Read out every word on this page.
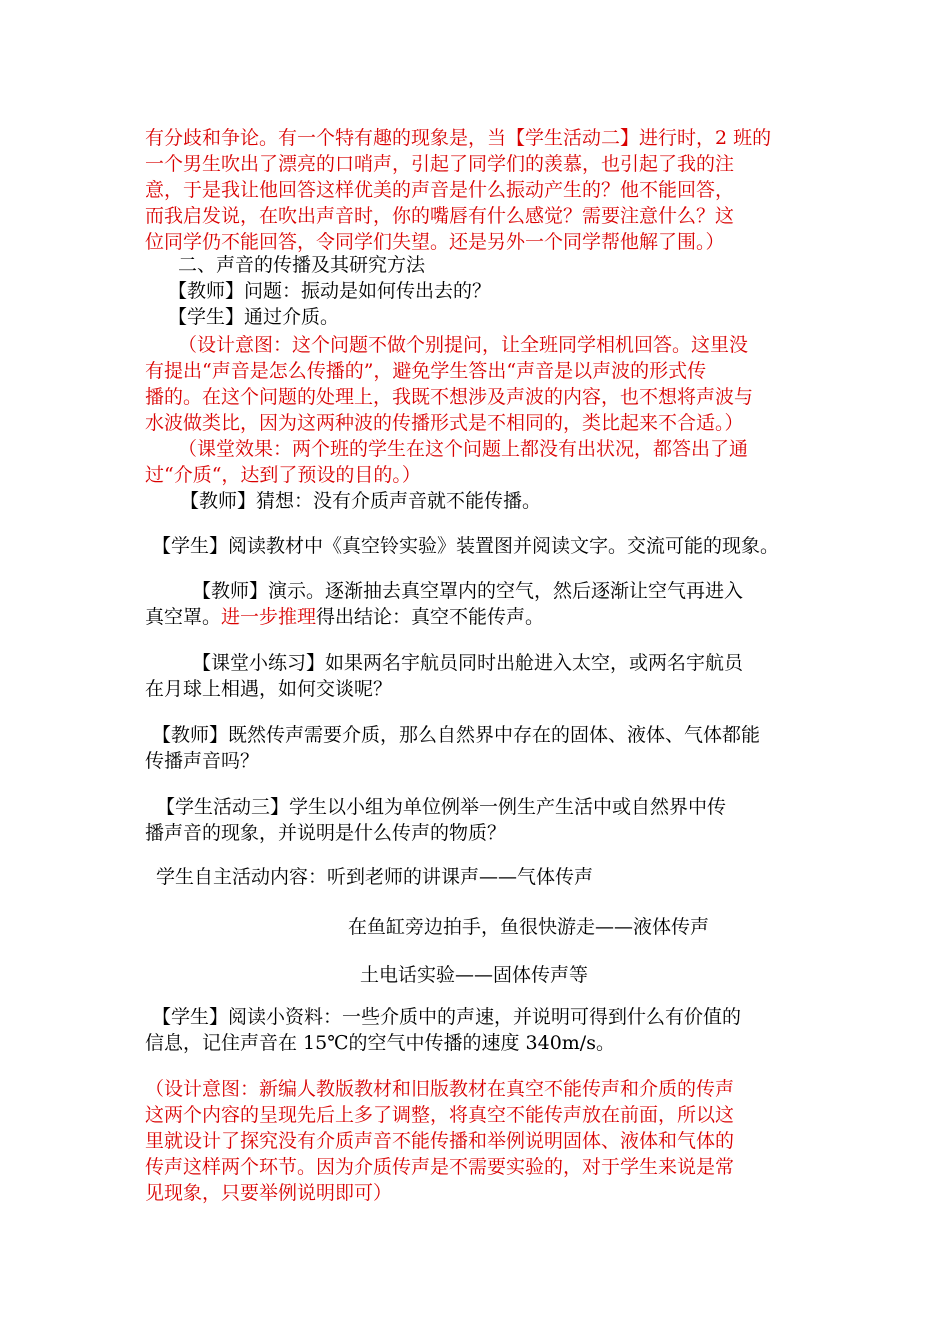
有分歧和争论。有一个特有趣的现象是，当【学生活动二】进行时，2 班的

一个男生吹出了漂亮的口哨声，引起了同学们的羡慕，也引起了我的注

意，于是我让他回答这样优美的声音是什么振动产生的？他不能回答，

而我启发说，在吹出声音时，你的嘴唇有什么感觉？需要注意什么？这

位同学仍不能回答，令同学们失望。还是另外一个同学帮他解了围。）

二、声音的传播及其研究方法

【教师】问题：振动是如何传出去的？

【学生】通过介质。

（设计意图：这个问题不做个别提问，让全班同学相机回答。这里没

有提出“声音是怎么传播的”，避免学生答出“声音是以声波的形式传

播的。在这个问题的处理上，我既不想涉及声波的内容，也不想将声波与

水波做类比，因为这两种波的传播形式是不相同的，类比起来不合适。）

（课堂效果：两个班的学生在这个问题上都没有出状况，都答出了通

过“介质“，达到了预设的目的。）

【教师】猜想：没有介质声音就不能传播。

【学生】阅读教材中《真空铃实验》装置图并阅读文字。交流可能的现象。

【教师】演示。逐渐抽去真空罩内的空气，然后逐渐让空气再进入

真空罩。进一步推理得出结论：真空不能传声。

【课堂小练习】如果两名宇航员同时出舱进入太空，或两名宇航员

在月球上相遇，如何交谈呢？

【教师】既然传声需要介质，那么自然界中存在的固体、液体、气体都能

传播声音吗？

【学生活动三】学生以小组为单位例举一例生产生活中或自然界中传

播声音的现象，并说明是什么传声的物质？

学生自主活动内容：听到老师的讲课声——气体传声

在鱼缸旁边拍手，鱼很快游走——液体传声

土电话实验——固体传声等

【学生】阅读小资料：一些介质中的声速，并说明可得到什么有价值的

信息，记住声音在 15℃的空气中传播的速度 340m/s。

（设计意图：新编人教版教材和旧版教材在真空不能传声和介质的传声

这两个内容的呈现先后上多了调整，将真空不能传声放在前面，所以这

里就设计了探究没有介质声音不能传播和举例说明固体、液体和气体的

传声这样两个环节。因为介质传声是不需要实验的，对于学生来说是常

见现象，只要举例说明即可）
